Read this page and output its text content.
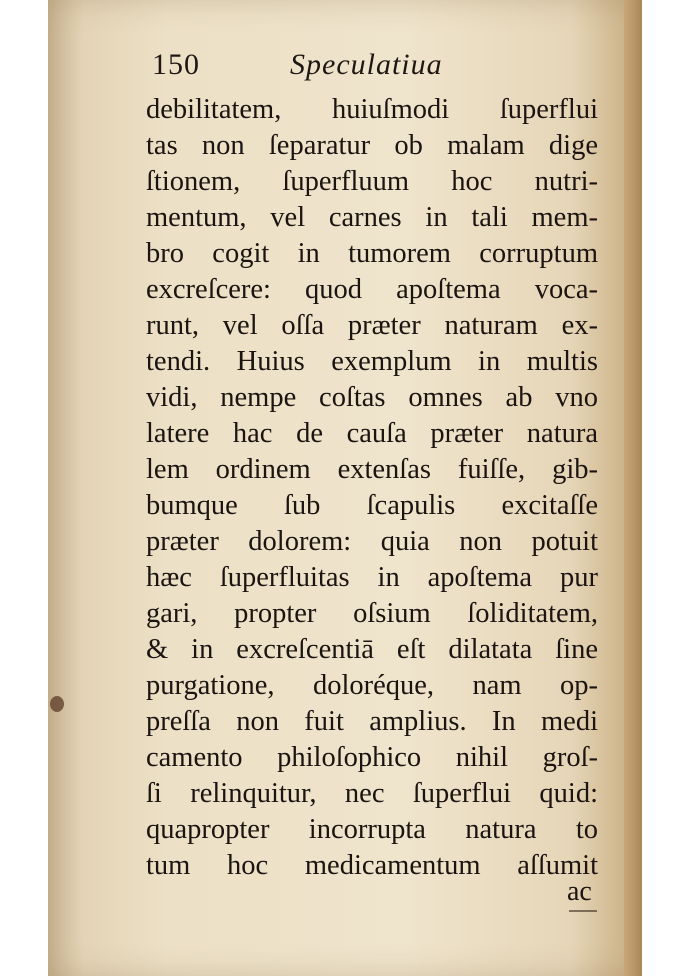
150	Speculatiua
debilitatem, huiuſmodi ſuperflui
tas non ſeparatur ob malam dige
ſtionem, ſuperfluum hoc nutri-
mentum, vel carnes in tali mem-
bro cogit in tumorem corruptum
excreſcere: quod apoſtema voca-
runt, vel oſſa præter naturam ex-
tendi. Huius exemplum in multis
vidi, nempe coſtas omnes ab vno
latere hac de cauſa præter natura
lem ordinem extenſas fuiſſe, gib-
bumque ſub ſcapulis excitaſſe
præter dolorem: quia non potuit
hæc ſuperfluitas in apoſtema pur
gari, propter oſsium ſoliditatem,
& in excreſcentiā eſt dilatata ſine
purgatione, doloréque, nam op-
preſſa non fuit amplius. In medi
camento philoſophico nihil groſ-
ſi relinquitur, nec ſuperflui quid:
quapropter incorrupta natura to
tum hoc medicamentum aſſumit
ac
